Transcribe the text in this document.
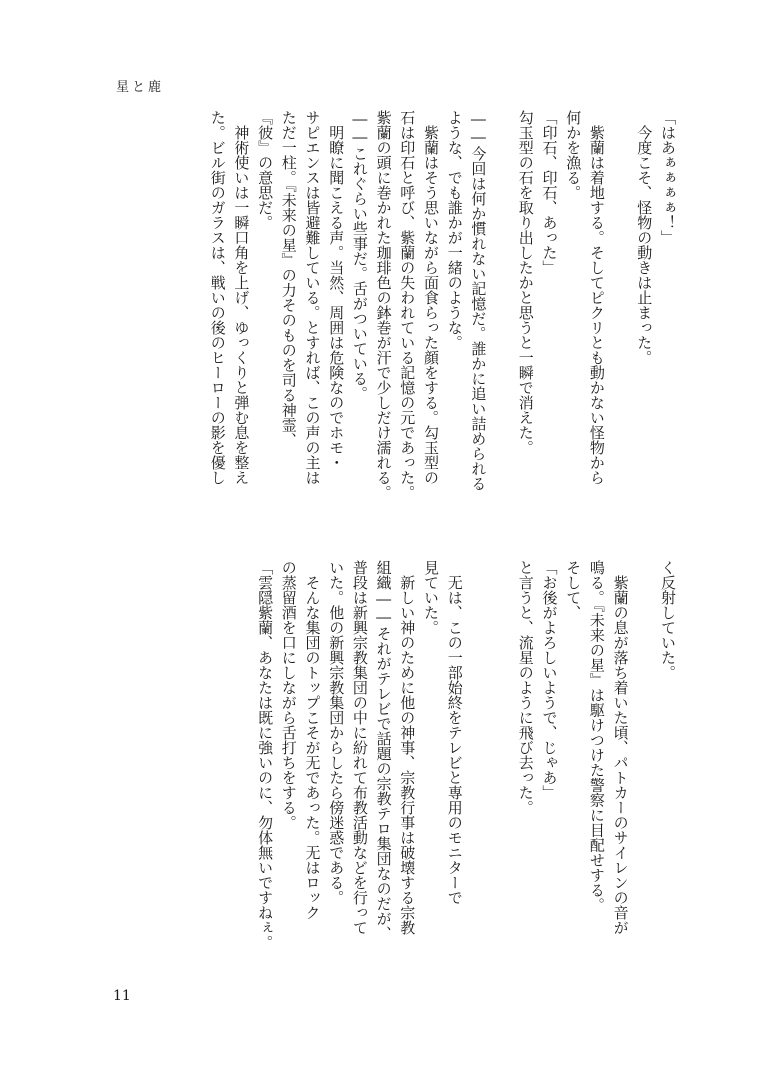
星と鹿
「はあぁぁぁぁ！」
　今度こそ、怪物の動きは止まった。
　紫蘭は着地する。そしてピクリとも動かない怪物から
何かを漁る。
「印石、印石、あった」
勾玉型の石を取り出したかと思うと一瞬で消えた。
――今回は何か慣れない記憶だ。誰かに追い詰められる
ような、でも誰かが一緒のような。
　紫蘭はそう思いながら面食らった顔をする。勾玉型の
石は印石と呼び、紫蘭の失われている記憶の元であった。
紫蘭の頭に巻かれた珈琲色の鉢巻が汗で少しだけ濡れる。
――これぐらい些事だ。舌がついている。
　明瞭に聞こえる声。当然、周囲は危険なのでホモ・
サピエンスは皆避難している。とすれば、この声の主は
ただ一柱。『未来の星』の力そのものを司る神霊、
『彼』の意思だ。
　神術使いは一瞬口角を上げ、ゆっくりと弾む息を整え
た。ビル街のガラスは、戦いの後のヒーローの影を優し
く反射していた。
　紫蘭の息が落ち着いた頃、パトカーのサイレンの音が
鳴る。『未来の星』は駆けつけた警察に目配せする。
そして、
「お後がよろしいようで、じゃあ」
と言うと、流星のように飛び去った。
　无は、この一部始終をテレビと専用のモニターで
見ていた。
　新しい神のために他の神事、宗教行事は破壊する宗教
組織――それがテレビで話題の宗教テロ集団なのだが、
普段は新興宗教集団の中に紛れて布教活動などを行って
いた。他の新興宗教集団からしたら傍迷惑である。
　そんな集団のトップこそが无であった。无はロック
の蒸留酒を口にしながら舌打ちをする。
「雲隠紫蘭、あなたは既に強いのに、勿体無いですねぇ。
11
